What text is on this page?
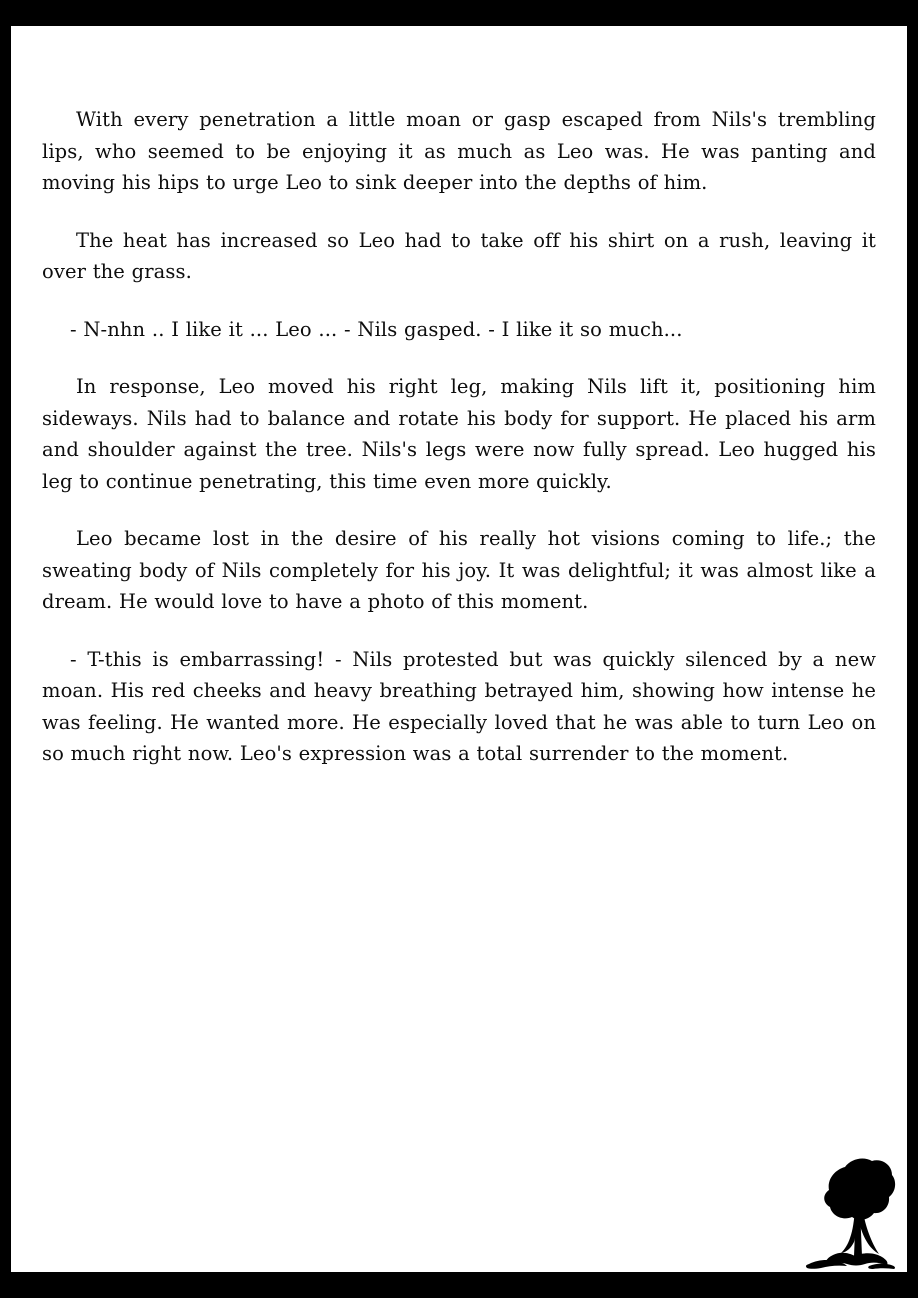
With every penetration a little moan or gasp escaped from Nils's trembling lips, who seemed to be enjoying it as much as Leo was. He was panting and moving his hips to urge Leo to sink deeper into the depths of him.

The heat has increased so Leo had to take off his shirt on a rush, leaving it over the grass.

- N-nhn .. I like it ... Leo ... - Nils gasped. - I like it so much...

In response, Leo moved his right leg, making Nils lift it, positioning him sideways. Nils had to balance and rotate his body for support. He placed his arm and shoulder against the tree. Nils's legs were now fully spread. Leo hugged his leg to continue penetrating, this time even more quickly.

Leo became lost in the desire of his really hot visions coming to life.; the sweating body of Nils completely for his joy. It was delightful; it was almost like a dream. He would love to have a photo of this moment.

- T-this is embarrassing! - Nils protested but was quickly silenced by a new moan. His red cheeks and heavy breathing betrayed him, showing how intense he was feeling. He wanted more. He especially loved that he was able to turn Leo on so much right now. Leo's expression was a total surrender to the moment.
